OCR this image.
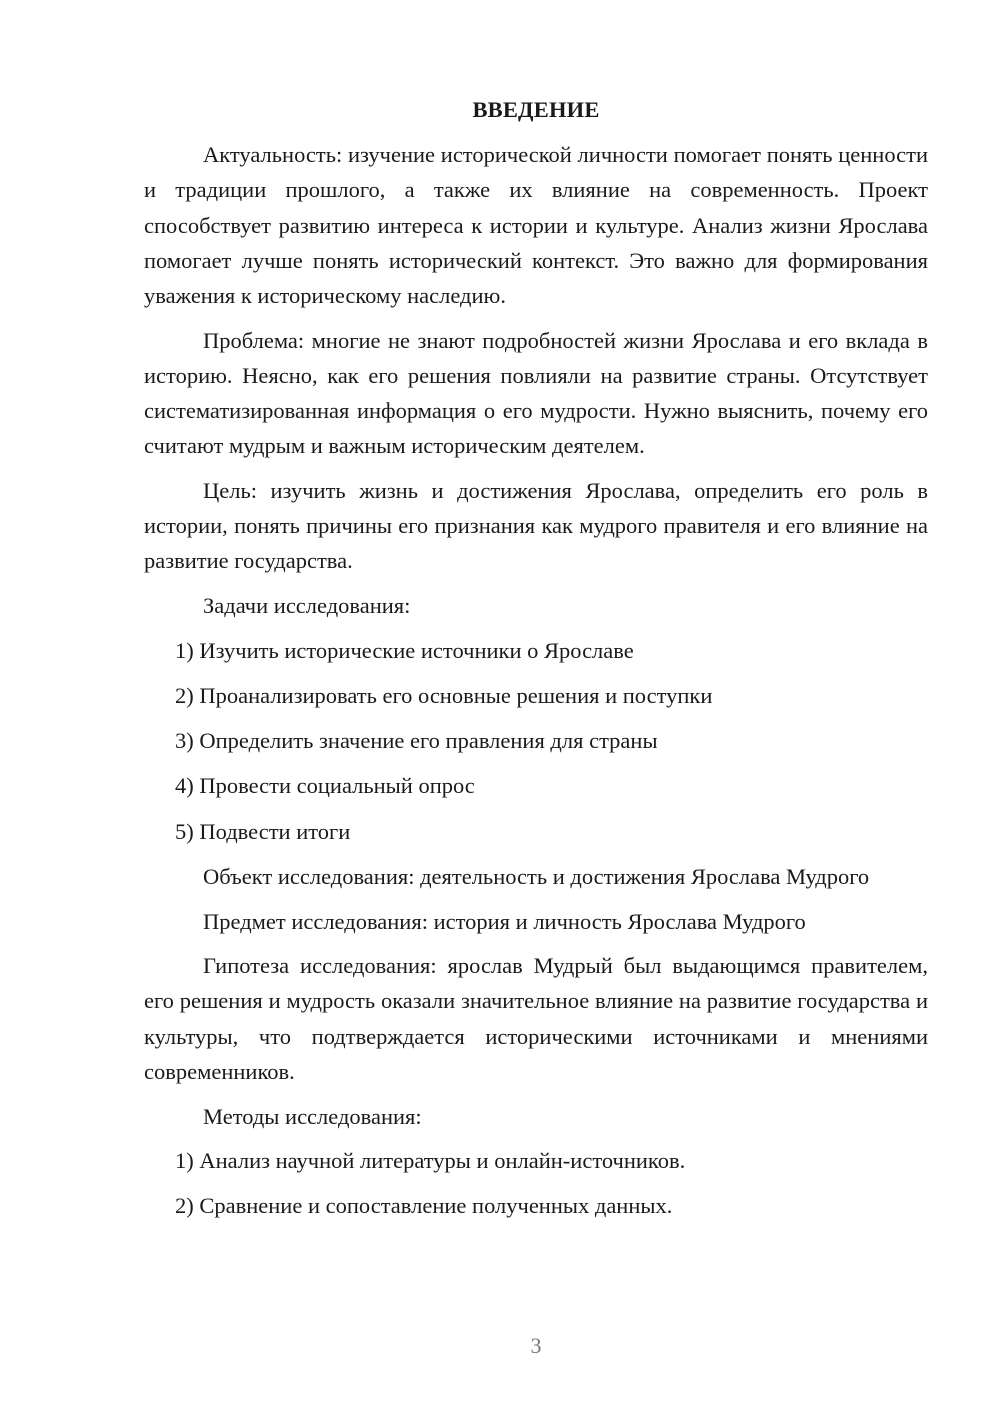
ВВЕДЕНИЕ

Актуальность: изучение исторической личности помогает понять ценности и традиции прошлого, а также их влияние на современность. Проект способствует развитию интереса к истории и культуре. Анализ жизни Ярослава помогает лучше понять исторический контекст. Это важно для формирования уважения к историческому наследию.

Проблема: многие не знают подробностей жизни Ярослава и его вклада в историю. Неясно, как его решения повлияли на развитие страны. Отсутствует систематизированная информация о его мудрости. Нужно выяснить, почему его считают мудрым и важным историческим деятелем.

Цель: изучить жизнь и достижения Ярослава, определить его роль в истории, понять причины его признания как мудрого правителя и его влияние на развитие государства.

Задачи исследования:

1) Изучить исторические источники о Ярославе
2) Проанализировать его основные решения и поступки
3) Определить значение его правления для страны
4) Провести социальный опрос
5) Подвести итоги

Объект исследования: деятельность и достижения Ярослава Мудрого

Предмет исследования: история и личность Ярослава Мудрого

Гипотеза исследования: ярослав Мудрый был выдающимся правителем, его решения и мудрость оказали значительное влияние на развитие государства и культуры, что подтверждается историческими источниками и мнениями современников.

Методы исследования:

1) Анализ научной литературы и онлайн-источников.
2) Сравнение и сопоставление полученных данных.
3
